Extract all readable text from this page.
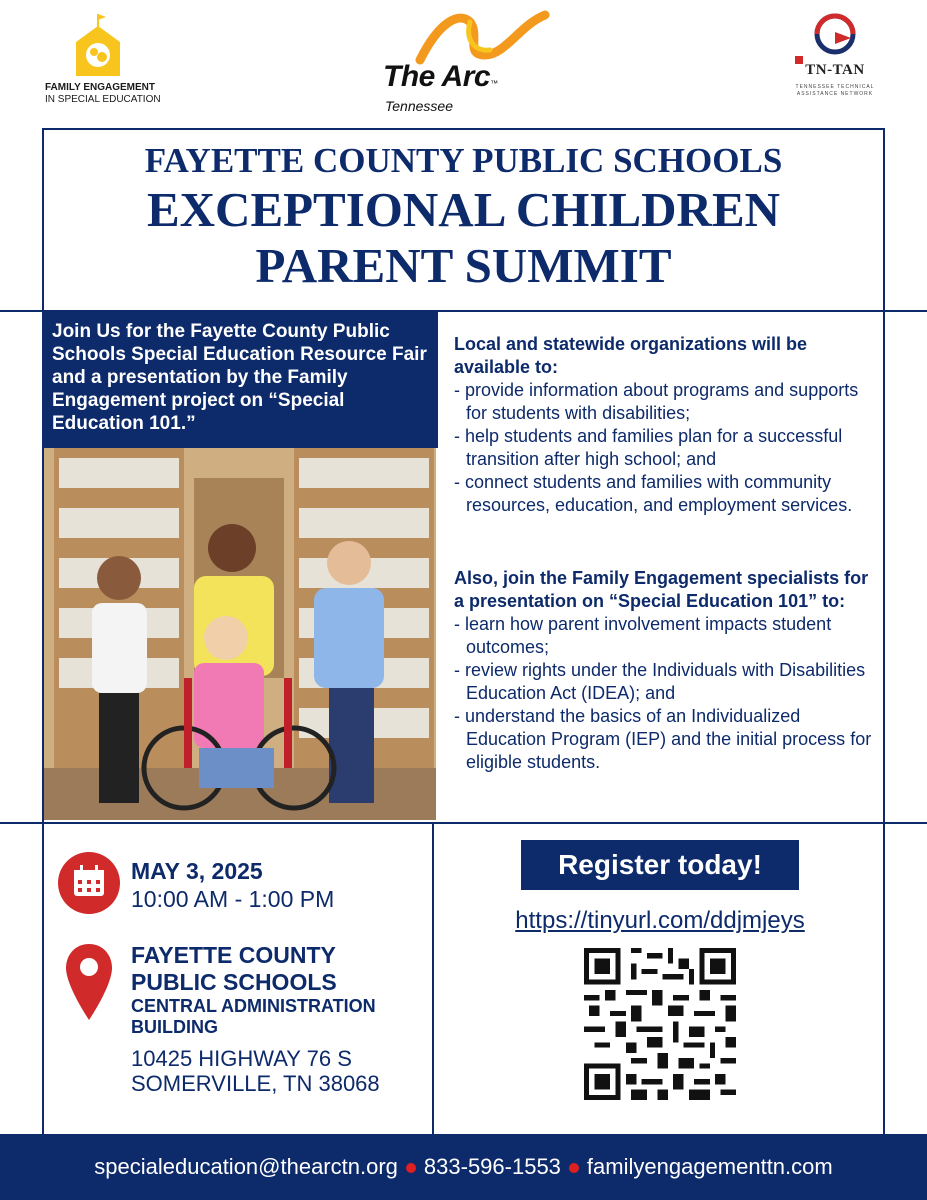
FAMILY ENGAGEMENT
IN SPECIAL EDUCATION
The Arc™
Tennessee
TN-TAN
TENNESSEE TECHNICAL
ASSISTANCE NETWORK
FAYETTE COUNTY PUBLIC SCHOOLS
EXCEPTIONAL CHILDREN
PARENT SUMMIT
Join Us for the Fayette County Public Schools Special Education Resource Fair and a presentation by the Family Engagement project on “Special Education 101.”
Local and statewide organizations will be available to:
- provide information about programs and supports for students with disabilities;
- help students and families plan for a successful transition after high school; and
- connect students and families with community resources, education, and employment services.
Also, join the Family Engagement specialists for a presentation on “Special Education 101” to:
- learn how parent involvement impacts student outcomes;
- review rights under the Individuals with Disabilities Education Act (IDEA); and
- understand the basics of an Individualized Education Program (IEP) and the initial process for eligible students.
MAY 3, 2025
10:00 AM - 1:00 PM
FAYETTE COUNTY
PUBLIC SCHOOLS
CENTRAL ADMINISTRATION
BUILDING
10425 HIGHWAY 76 S
SOMERVILLE, TN 38068
Register today!
https://tinyurl.com/ddjmjeys
specialeducation@thearctn.org 833-596-1553 familyengagementtn.com
